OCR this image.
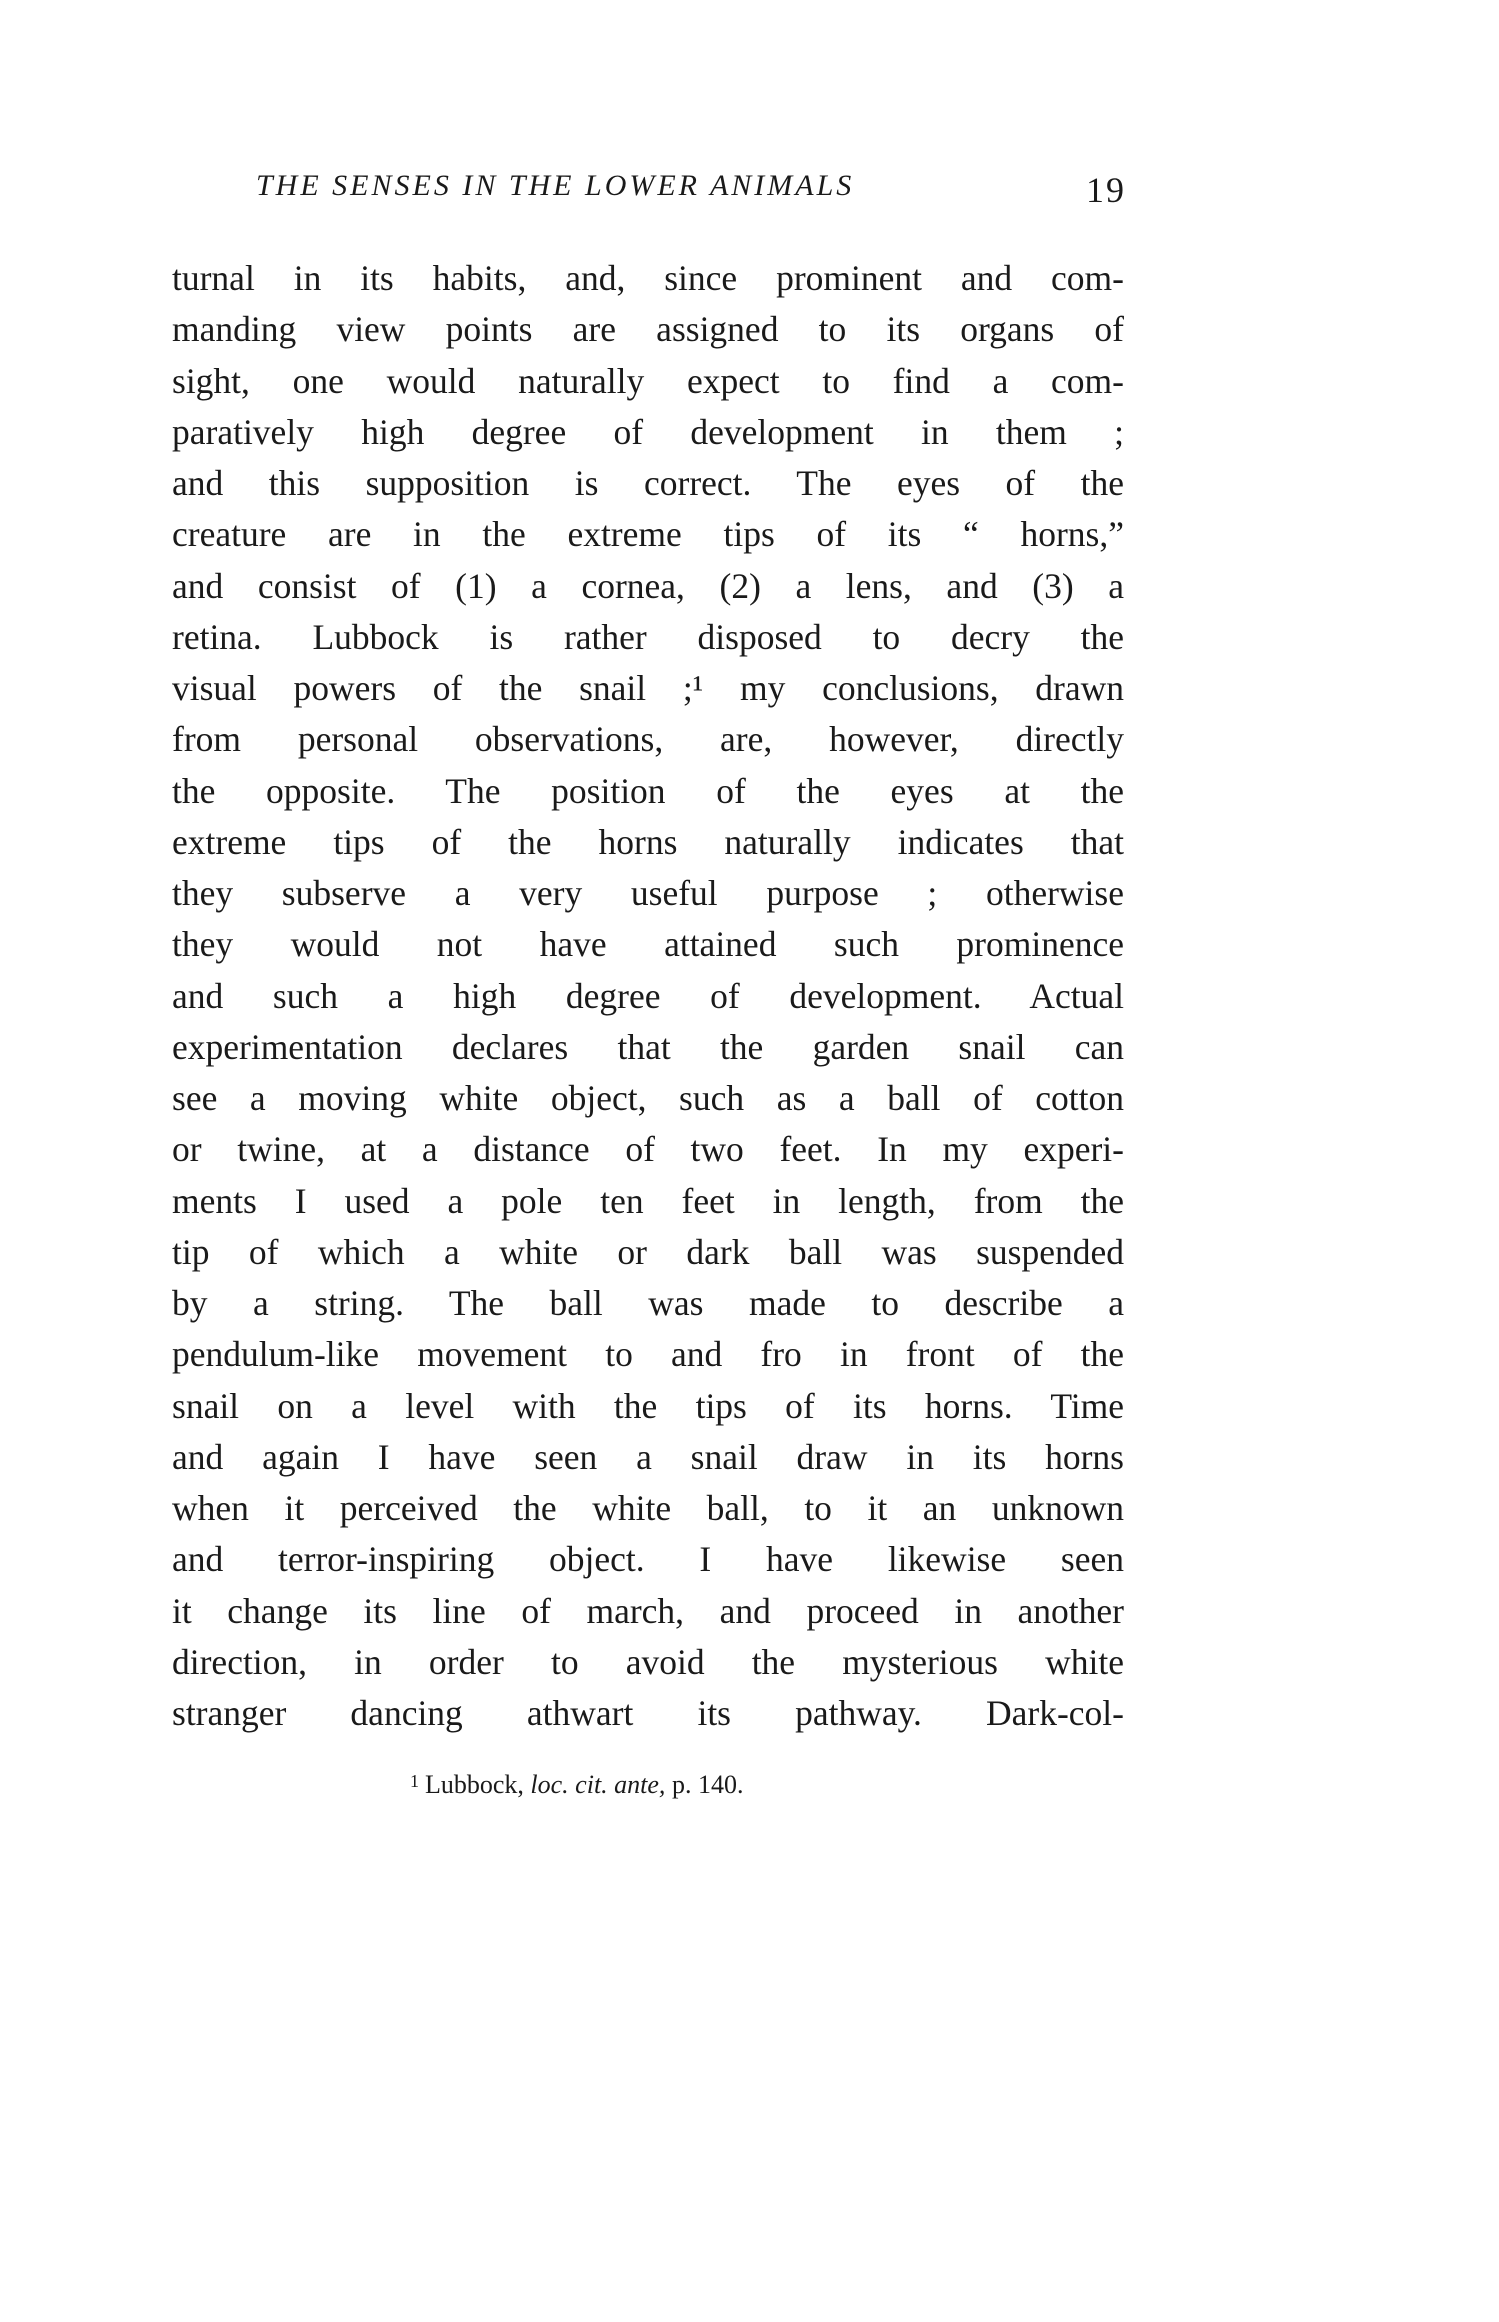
THE SENSES IN THE LOWER ANIMALS	19
turnal in its habits, and, since prominent and com-
manding view points are assigned to its organs of
sight, one would naturally expect to find a com-
paratively high degree of development in them ;
and this supposition is correct. The eyes of the
creature are in the extreme tips of its “ horns,”
and consist of (1) a cornea, (2) a lens, and (3) a
retina. Lubbock is rather disposed to decry the
visual powers of the snail ;¹ my conclusions, drawn
from personal observations, are, however, directly
the opposite. The position of the eyes at the
extreme tips of the horns naturally indicates that
they subserve a very useful purpose ; otherwise
they would not have attained such prominence
and such a high degree of development. Actual
experimentation declares that the garden snail can
see a moving white object, such as a ball of cotton
or twine, at a distance of two feet. In my experi-
ments I used a pole ten feet in length, from the
tip of which a white or dark ball was suspended
by a string. The ball was made to describe a
pendulum-like movement to and fro in front of the
snail on a level with the tips of its horns. Time
and again I have seen a snail draw in its horns
when it perceived the white ball, to it an unknown
and terror-inspiring object. I have likewise seen
it change its line of march, and proceed in another
direction, in order to avoid the mysterious white
stranger dancing athwart its pathway. Dark-col-
$^1$ Lubbock, loc. cit. ante, p. 140.
